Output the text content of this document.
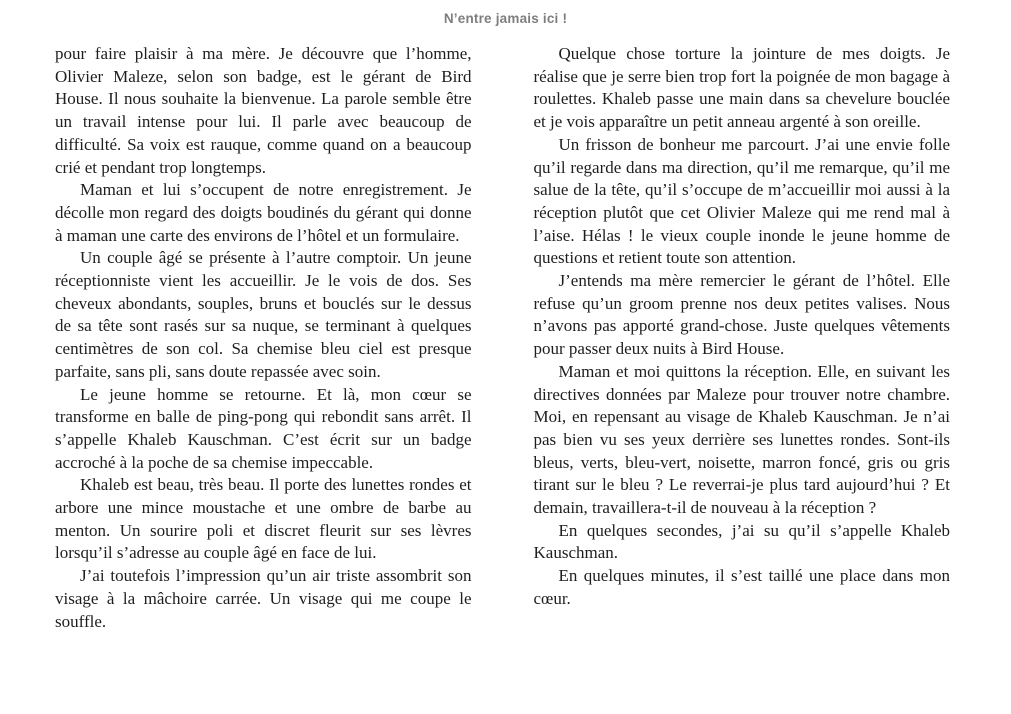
N’entre jamais ici !

pour faire plaisir à ma mère. Je découvre que l’homme, Olivier Maleze, selon son badge, est le gérant de Bird House. Il nous souhaite la bienvenue. La parole semble être un travail intense pour lui. Il parle avec beaucoup de difficulté. Sa voix est rauque, comme quand on a beaucoup crié et pendant trop longtemps.

Maman et lui s’occupent de notre enregistrement. Je décolle mon regard des doigts boudinés du gérant qui donne à maman une carte des environs de l’hôtel et un formulaire.

Un couple âgé se présente à l’autre comptoir. Un jeune réceptionniste vient les accueillir. Je le vois de dos. Ses cheveux abondants, souples, bruns et bouclés sur le dessus de sa tête sont rasés sur sa nuque, se terminant à quelques centimètres de son col. Sa chemise bleu ciel est presque parfaite, sans pli, sans doute repassée avec soin.

Le jeune homme se retourne. Et là, mon cœur se transforme en balle de ping-pong qui rebondit sans arrêt. Il s’appelle Khaleb Kauschman. C’est écrit sur un badge accroché à la poche de sa chemise impeccable.

Khaleb est beau, très beau. Il porte des lunettes rondes et arbore une mince moustache et une ombre de barbe au menton. Un sourire poli et discret fleurit sur ses lèvres lorsqu’il s’adresse au couple âgé en face de lui.

J’ai toutefois l’impression qu’un air triste assombrit son visage à la mâchoire carrée. Un visage qui me coupe le souffle.

Quelque chose torture la jointure de mes doigts. Je réalise que je serre bien trop fort la poignée de mon bagage à roulettes. Khaleb passe une main dans sa chevelure bouclée et je vois apparaître un petit anneau argenté à son oreille.

Un frisson de bonheur me parcourt. J’ai une envie folle qu’il regarde dans ma direction, qu’il me remarque, qu’il me salue de la tête, qu’il s’occupe de m’accueillir moi aussi à la réception plutôt que cet Olivier Maleze qui me rend mal à l’aise. Hélas ! le vieux couple inonde le jeune homme de questions et retient toute son attention.

J’entends ma mère remercier le gérant de l’hôtel. Elle refuse qu’un groom prenne nos deux petites valises. Nous n’avons pas apporté grand-chose. Juste quelques vêtements pour passer deux nuits à Bird House.

Maman et moi quittons la réception. Elle, en suivant les directives données par Maleze pour trouver notre chambre. Moi, en repensant au visage de Khaleb Kauschman. Je n’ai pas bien vu ses yeux derrière ses lunettes rondes. Sont-ils bleus, verts, bleu-vert, noisette, marron foncé, gris ou gris tirant sur le bleu ? Le reverrai-je plus tard aujourd’hui ? Et demain, travaillera-t-il de nouveau à la réception ?

En quelques secondes, j’ai su qu’il s’appelle Khaleb Kauschman.

En quelques minutes, il s’est taillé une place dans mon cœur.
